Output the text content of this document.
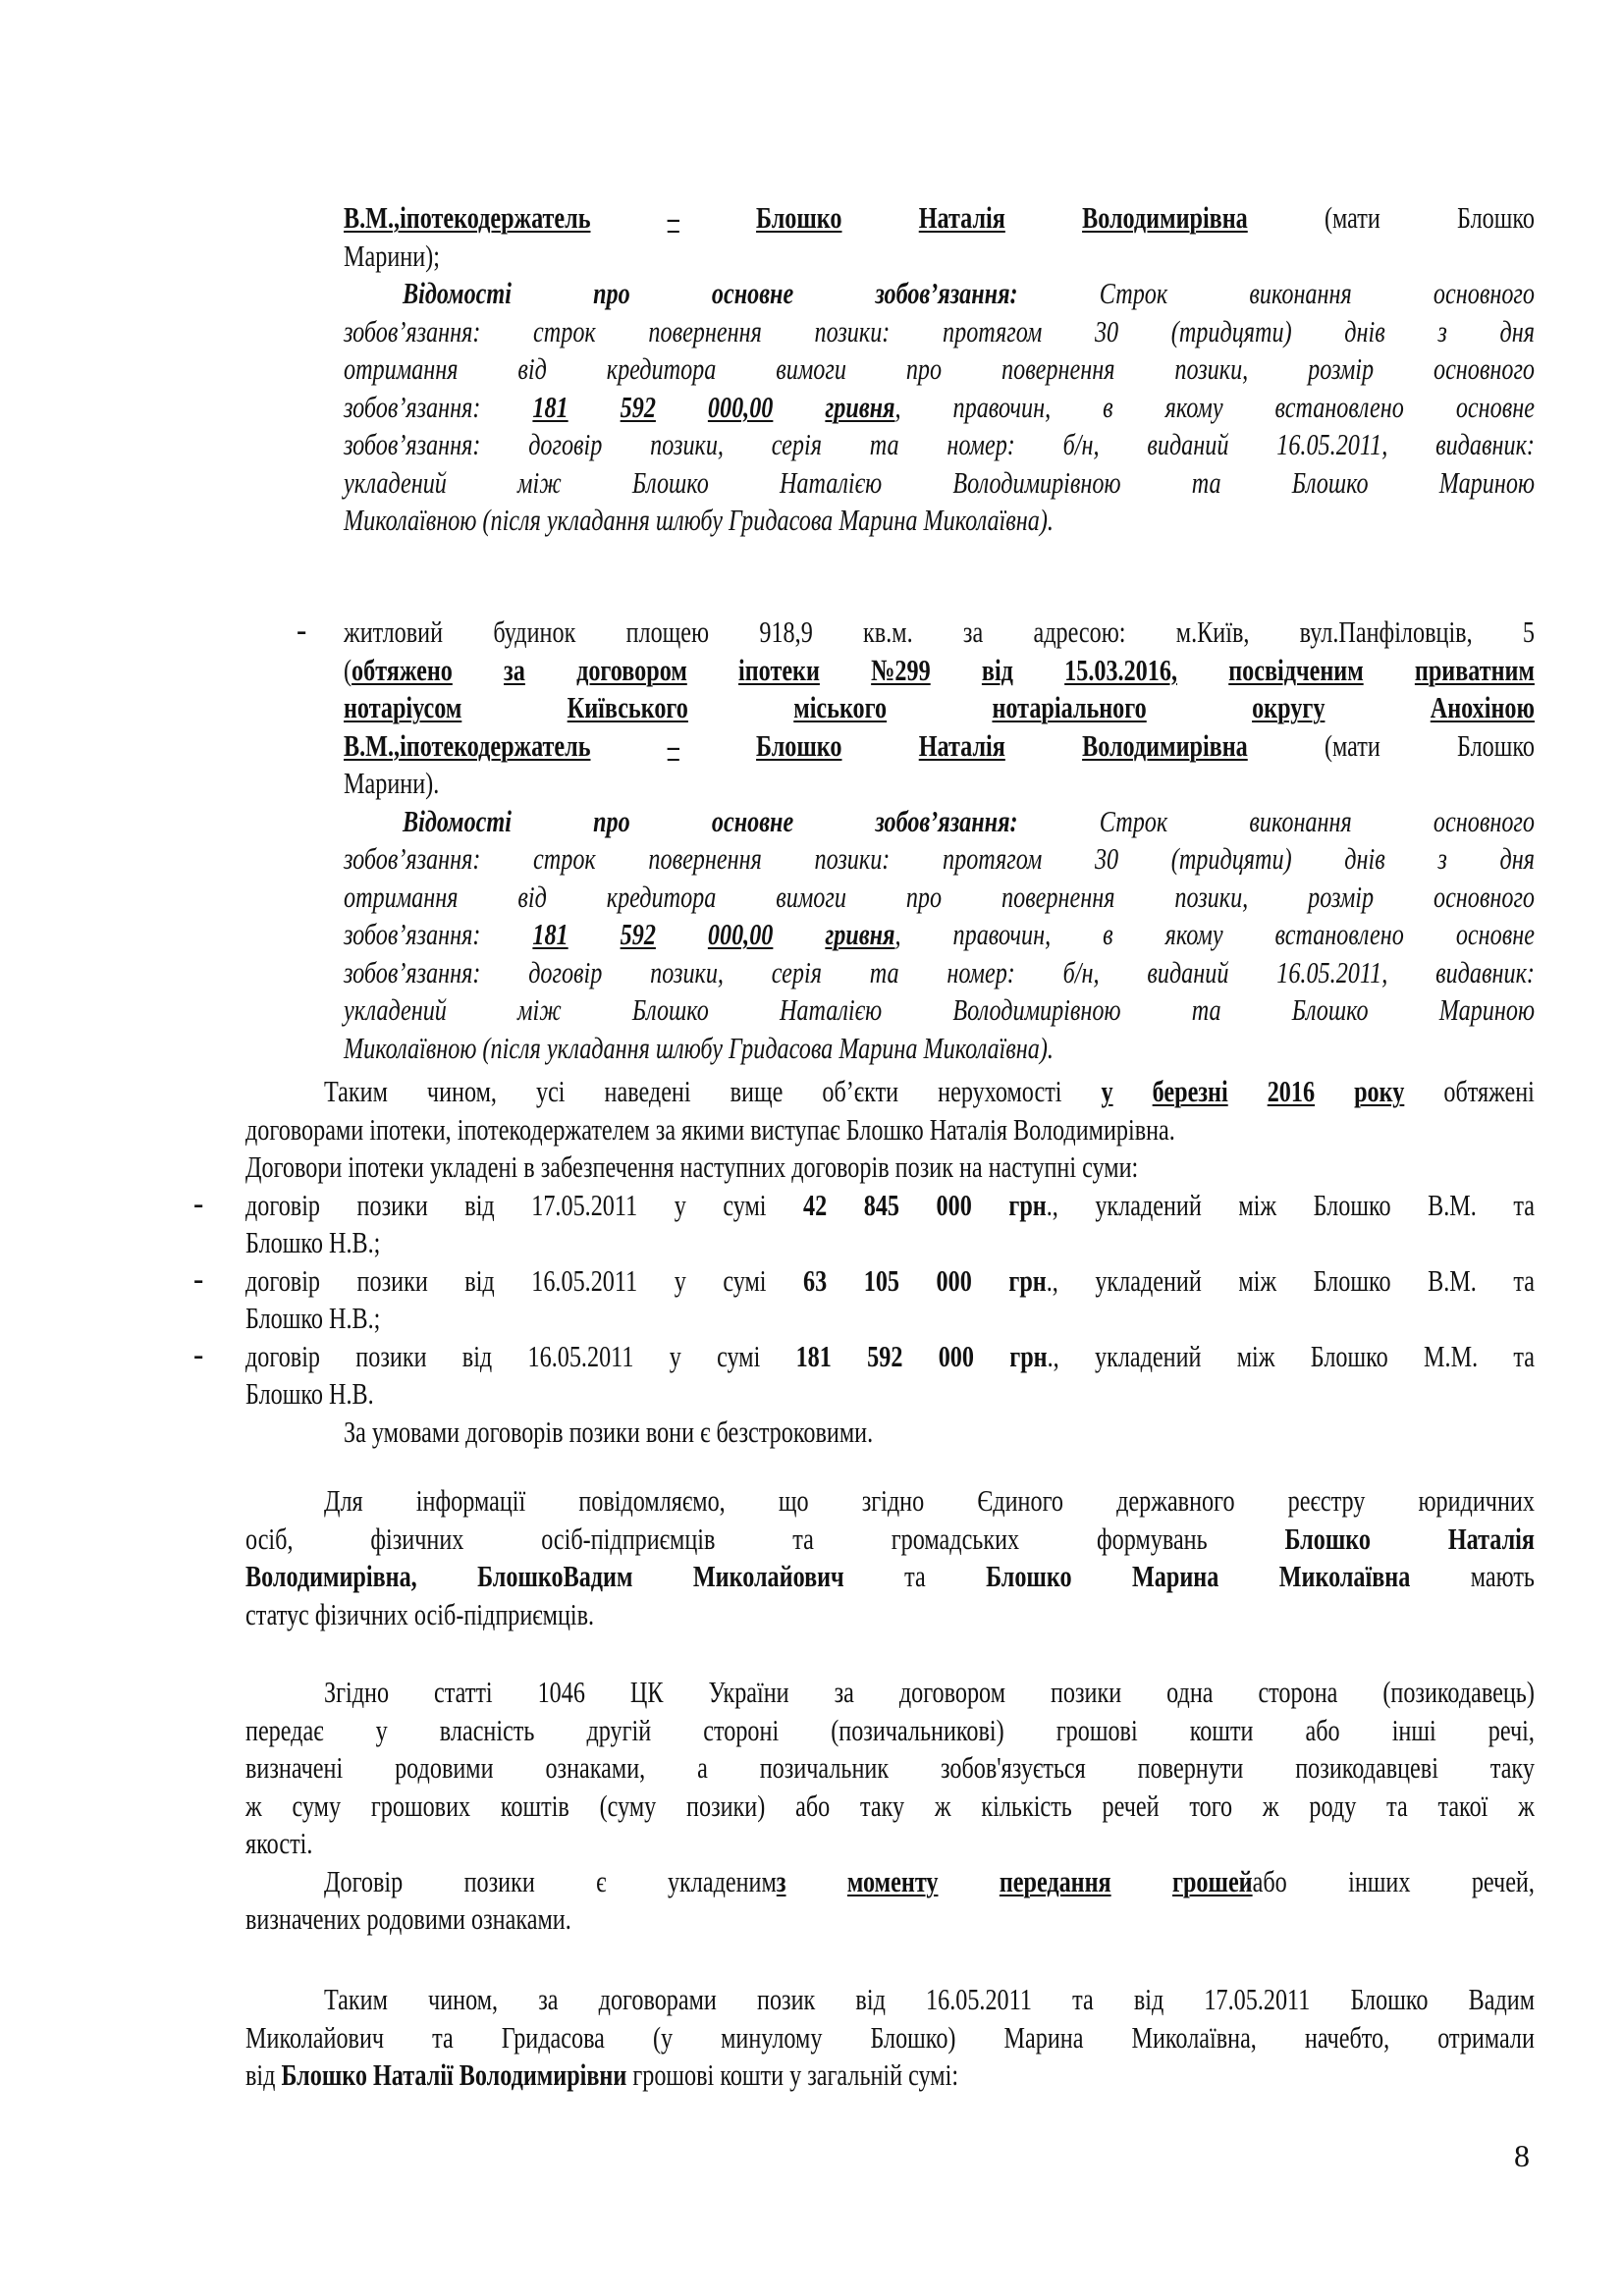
В.М.,іпотекодержатель	–	Блошко	Наталія	Володимирівна	(мати	Блошко
Марини);
Відомості	про	основне	зобов’язання:	Строк	виконання	основного
зобов’язання: строк повернення позики: протягом 30 (тридцяти) днів з дня
отримання від кредитора вимоги про повернення позики, розмір основного
зобов’язання: 181 592 000,00 гривня, правочин, в якому встановлено основне
зобов’язання: договір позики, серія та номер: б/н, виданий 16.05.2011, видавник:
укладений між Блошко Наталією Володимирівною та Блошко Мариною
Миколаївною (після укладання шлюбу Гридасова Марина Миколаївна).
- житловий будинок площею 918,9 кв.м. за адресою: м.Київ, вул.Панфіловців, 5
(обтяжено за договором іпотеки №299 від 15.03.2016, посвідченим приватним
нотаріусом	Київського	міського	нотаріального	округу	Анохіною
В.М.,іпотекодержатель	–	Блошко	Наталія	Володимирівна	(мати	Блошко
Марини).
Відомості	про	основне	зобов’язання:	Строк	виконання	основного
зобов’язання: строк повернення позики: протягом 30 (тридцяти) днів з дня
отримання від кредитора вимоги про повернення позики, розмір основного
зобов’язання: 181 592 000,00 гривня, правочин, в якому встановлено основне
зобов’язання: договір позики, серія та номер: б/н, виданий 16.05.2011, видавник:
укладений між Блошко Наталією Володимирівною та Блошко Мариною
Миколаївною (після укладання шлюбу Гридасова Марина Миколаївна).
Таким чином, усі наведені вище об’єкти нерухомості у березні 2016 року обтяжені
договорами іпотеки, іпотекодержателем за якими виступає Блошко Наталія Володимирівна.
Договори іпотеки укладені в забезпечення наступних договорів позик на наступні суми:
- договір позики від 17.05.2011 у сумі 42 845 000 грн., укладений між Блошко В.М. та
Блошко Н.В.;
- договір позики від 16.05.2011 у сумі 63 105 000 грн., укладений між Блошко В.М. та
Блошко Н.В.;
- договір позики від 16.05.2011 у сумі 181 592 000 грн., укладений між Блошко М.М. та
Блошко Н.В.
За умовами договорів позики вони є безстроковими.
Для інформації повідомляємо, що згідно Єдиного державного реєстру юридичних
осіб,	фізичних	осіб-підприємців	та	громадських	формувань	Блошко	Наталія
Володимирівна, БлошкоВадим Миколайович та Блошко Марина Миколаївна мають
статус фізичних осіб-підприємців.
Згідно статті 1046 ЦК України за договором позики одна сторона (позикодавець)
передає у власність другій стороні (позичальникові) грошові кошти або інші речі,
визначені родовими ознаками, а позичальник зобов'язується повернути позикодавцеві таку
ж суму грошових коштів (суму позики) або таку ж кількість речей того ж роду та такої ж
якості.
Договір позики є укладенимз моменту передання грошейабо інших речей,
визначених родовими ознаками.
Таким чином, за договорами позик від 16.05.2011 та від 17.05.2011 Блошко Вадим
Миколайович та Гридасова (у минулому Блошко) Марина Миколаївна, начебто, отримали
від Блошко Наталії Володимирівни грошові кошти у загальній сумі:
8
